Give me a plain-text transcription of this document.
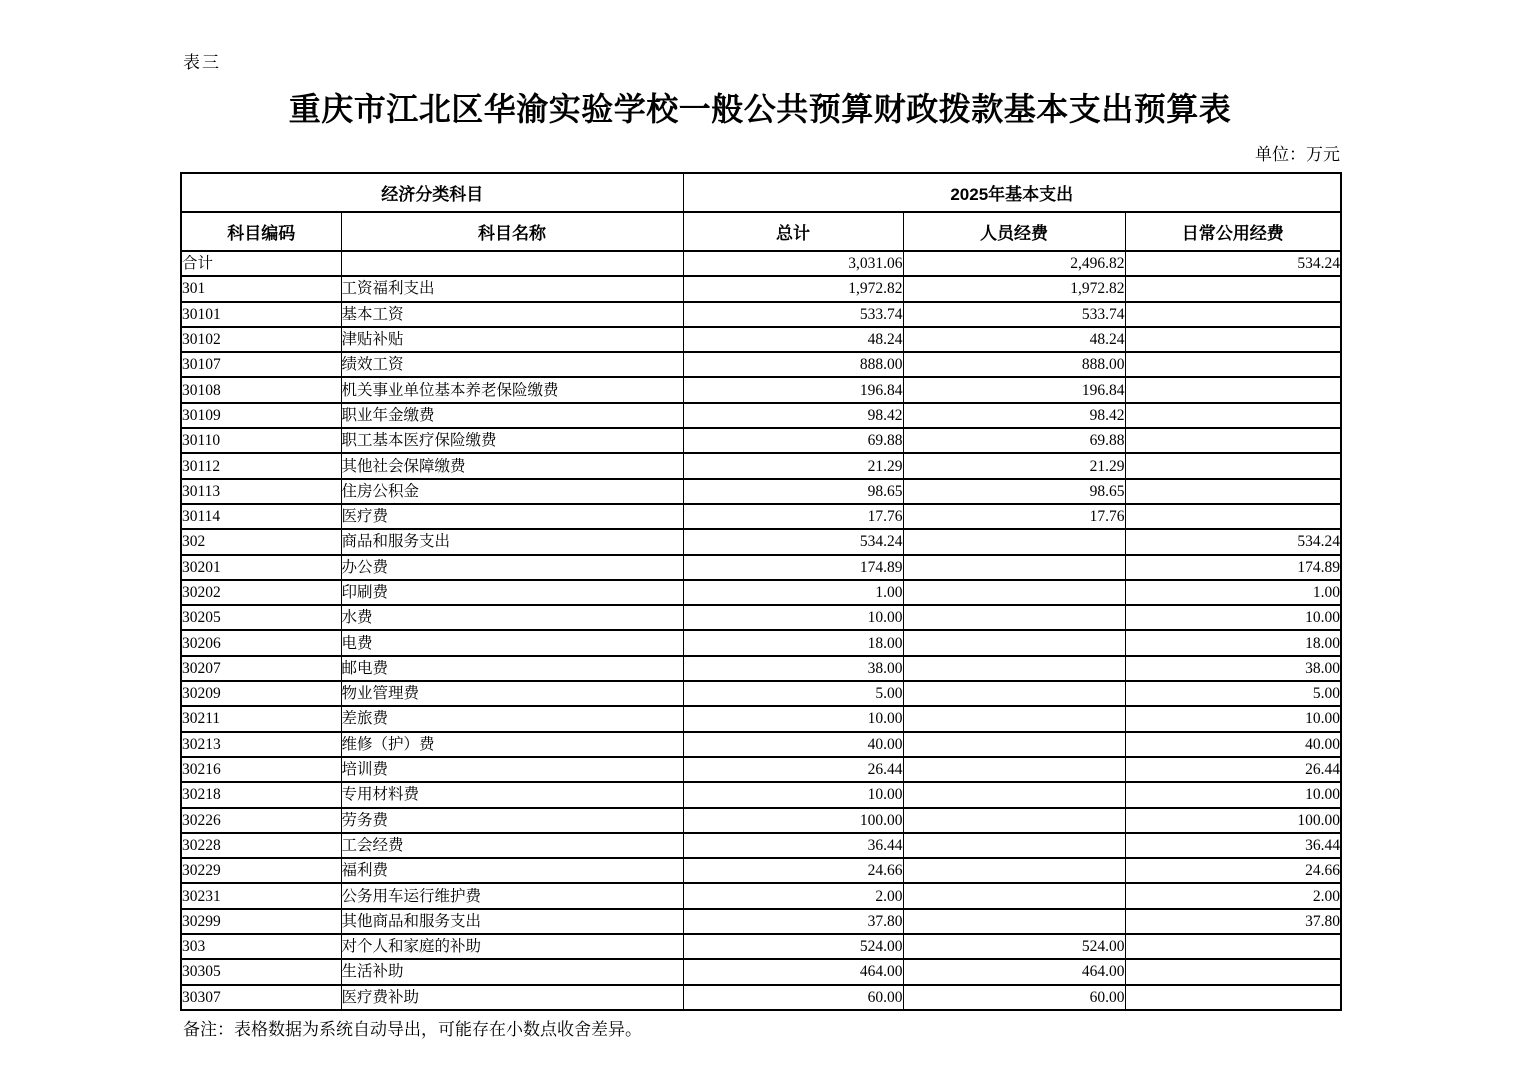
表三
重庆市江北区华渝实验学校一般公共预算财政拨款基本支出预算表
单位：万元
经济分类科目		2025年基本支出		
科目编码	科目名称	总计	人员经费	日常公用经费
合计		3,031.06	2,496.82	534.24
301	工资福利支出	1,972.82	1,972.82	
30101	基本工资	533.74	533.74	
30102	津贴补贴	48.24	48.24	
30107	绩效工资	888.00	888.00	
30108	机关事业单位基本养老保险缴费	196.84	196.84	
30109	职业年金缴费	98.42	98.42	
30110	职工基本医疗保险缴费	69.88	69.88	
30112	其他社会保障缴费	21.29	21.29	
30113	住房公积金	98.65	98.65	
30114	医疗费	17.76	17.76	
302	商品和服务支出	534.24		534.24
30201	办公费	174.89		174.89
30202	印刷费	1.00		1.00
30205	水费	10.00		10.00
30206	电费	18.00		18.00
30207	邮电费	38.00		38.00
30209	物业管理费	5.00		5.00
30211	差旅费	10.00		10.00
30213	维修（护）费	40.00		40.00
30216	培训费	26.44		26.44
30218	专用材料费	10.00		10.00
30226	劳务费	100.00		100.00
30228	工会经费	36.44		36.44
30229	福利费	24.66		24.66
30231	公务用车运行维护费	2.00		2.00
30299	其他商品和服务支出	37.80		37.80
303	对个人和家庭的补助	524.00	524.00	
30305	生活补助	464.00	464.00	
30307	医疗费补助	60.00	60.00	
备注：表格数据为系统自动导出，可能存在小数点收舍差异。
